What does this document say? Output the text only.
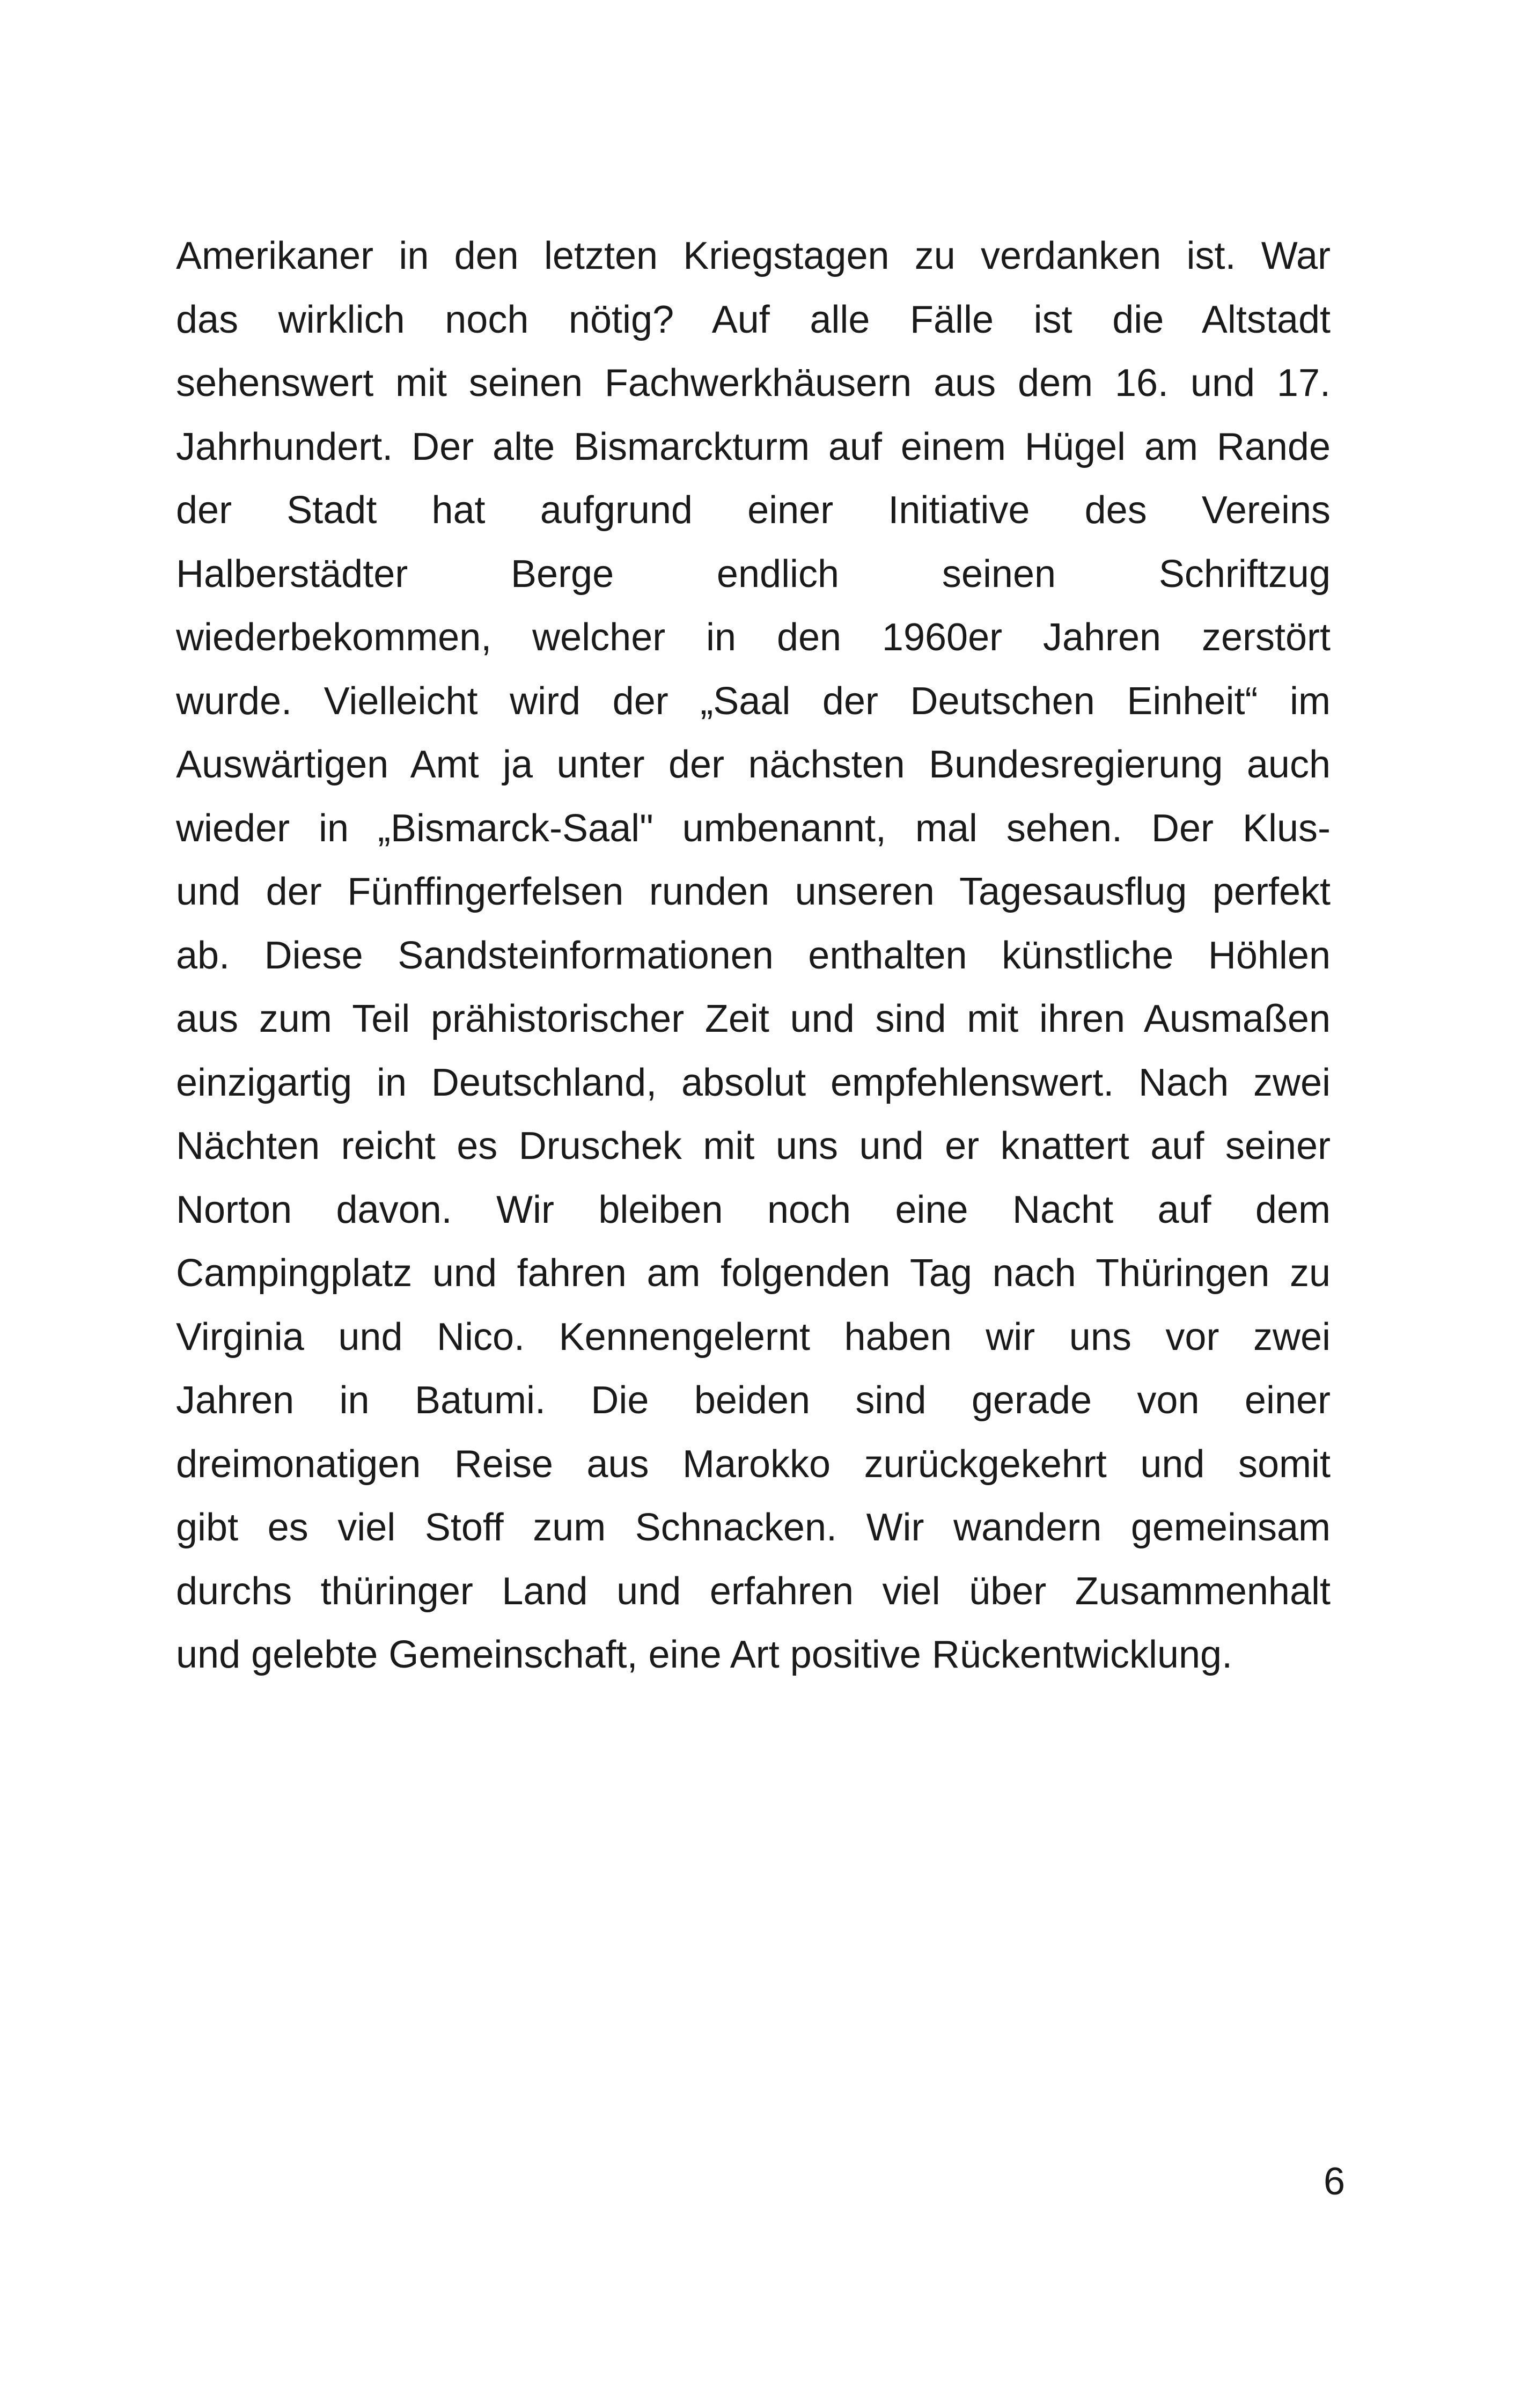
Amerikaner in den letzten Kriegstagen zu verdanken ist. War
das wirklich noch nötig? Auf alle Fälle ist die Altstadt
sehenswert mit seinen Fachwerkhäusern aus dem 16. und 17.
Jahrhundert. Der alte Bismarckturm auf einem Hügel am Rande
der Stadt hat aufgrund einer Initiative des Vereins
Halberstädter Berge endlich seinen Schriftzug
wiederbekommen, welcher in den 1960er Jahren zerstört
wurde. Vielleicht wird der „Saal der Deutschen Einheit“ im
Auswärtigen Amt ja unter der nächsten Bundesregierung auch
wieder in „Bismarck-Saal" umbenannt, mal sehen. Der Klus-
und der Fünffingerfelsen runden unseren Tagesausflug perfekt
ab. Diese Sandsteinformationen enthalten künstliche Höhlen
aus zum Teil prähistorischer Zeit und sind mit ihren Ausmaßen
einzigartig in Deutschland, absolut empfehlenswert. Nach zwei
Nächten reicht es Druschek mit uns und er knattert auf seiner
Norton davon. Wir bleiben noch eine Nacht auf dem
Campingplatz und fahren am folgenden Tag nach Thüringen zu
Virginia und Nico. Kennengelernt haben wir uns vor zwei
Jahren in Batumi. Die beiden sind gerade von einer
dreimonatigen Reise aus Marokko zurückgekehrt und somit
gibt es viel Stoff zum Schnacken. Wir wandern gemeinsam
durchs thüringer Land und erfahren viel über Zusammenhalt
und gelebte Gemeinschaft, eine Art positive Rückentwicklung.
6
